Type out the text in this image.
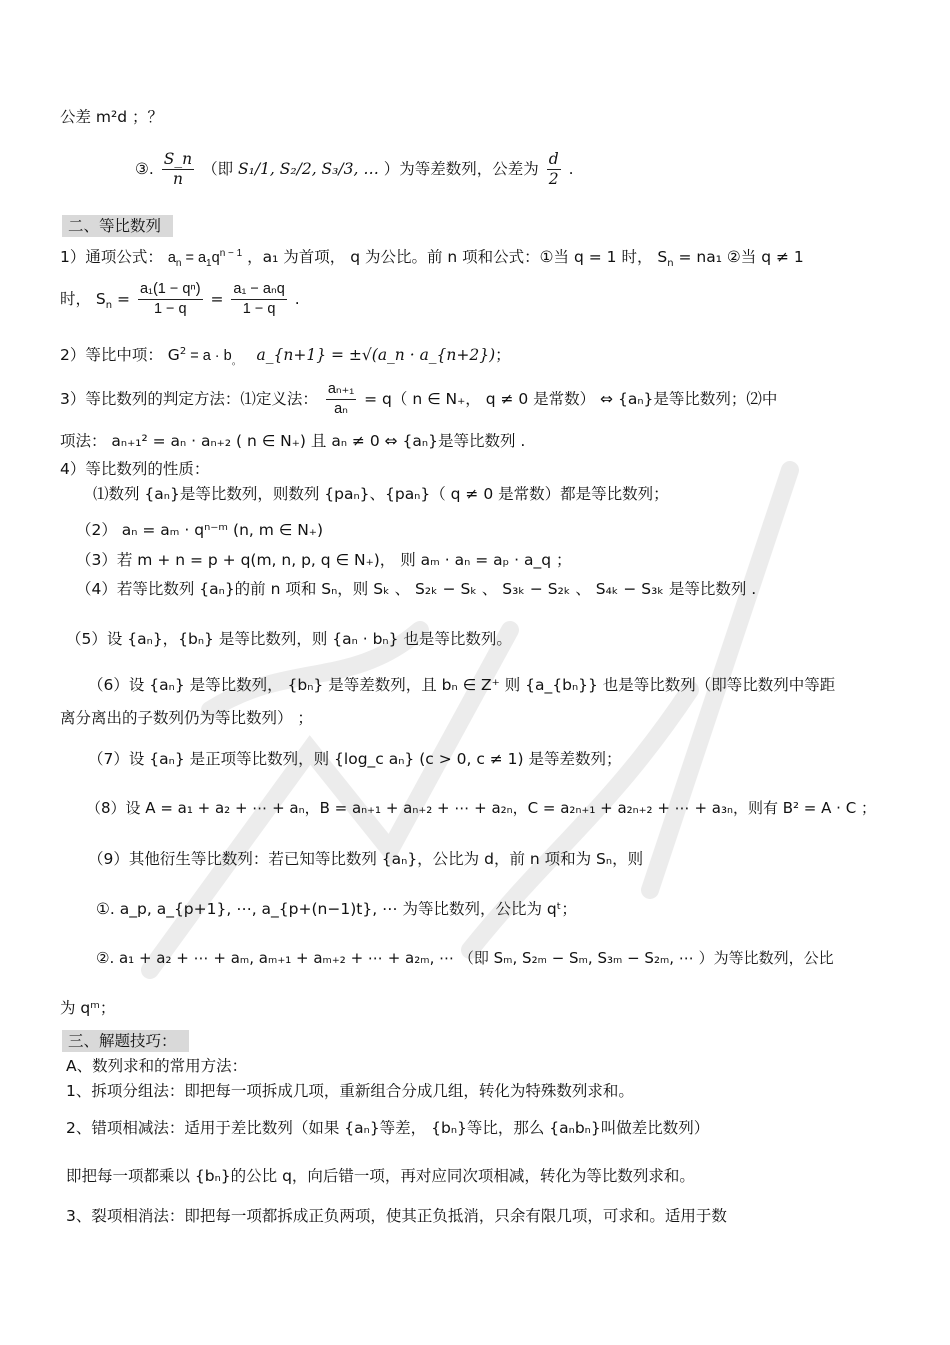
公差 m²d ；？
③. $\frac{S\_n}{n}$ （即 S₁/1, S₂/2, S₃/3, … ）为等差数列，公差为 $\frac{d}{2}$ .
二、等比数列
1）通项公式： $a_n = a_1q^{n - 1}$ ，a₁ 为首项， q 为公比。前 n 项和公式：①当 q = 1 时， $S_n = na_1$ ②当 q ≠ 1
时， $S_n = \frac{\text{a₁(1 − qⁿ)}}{1 - q} = \frac{\text{a₁ − aₙq}}{1 - q}$ .
2）等比中项： $G^2 = a \cdot b_。$ a_{n+1} = ±√(a_n · a_{n+2})；
3）等比数列的判定方法：⑴定义法： $\frac{\text{aₙ₊₁}}{\text{aₙ}} = q$（ n ∈ N₊， q ≠ 0 是常数） ⇔ {aₙ}是等比数列；⑵中
项法： aₙ₊₁² = aₙ · aₙ₊₂ ( n ∈ N₊) 且 aₙ ≠ 0 ⇔ {aₙ}是等比数列 .
4）等比数列的性质：
⑴数列 {aₙ}是等比数列，则数列 {paₙ}、{paₙ}（ q ≠ 0 是常数）都是等比数列；
（2） aₙ = aₘ · qⁿ⁻ᵐ (n, m ∈ N₊)
（3）若 m + n = p + q(m, n, p, q ∈ N₊)， 则 aₘ · aₙ = aₚ · a_q ；
（4）若等比数列 {aₙ}的前 n 项和 Sₙ，则 Sₖ 、 S₂ₖ − Sₖ 、 S₃ₖ − S₂ₖ 、 S₄ₖ − S₃ₖ 是等比数列 .
（5）设 {aₙ}，{bₙ} 是等比数列，则 {aₙ · bₙ} 也是等比数列。
（6）设 {aₙ} 是等比数列， {bₙ} 是等差数列，且 bₙ ∈ Z⁺ 则 {a_{bₙ}} 也是等比数列（即等比数列中等距
离分离出的子数列仍为等比数列） ；
（7）设 {aₙ} 是正项等比数列，则 {log_c aₙ} (c > 0, c ≠ 1) 是等差数列；
（8）设 A = a₁ + a₂ + ⋯ + aₙ，B = aₙ₊₁ + aₙ₊₂ + ⋯ + a₂ₙ，C = a₂ₙ₊₁ + a₂ₙ₊₂ + ⋯ + a₃ₙ，则有 B² = A · C ；
（9）其他衍生等比数列：若已知等比数列 {aₙ}，公比为 d，前 n 项和为 Sₙ，则
①. a_p, a_{p+1}, ⋯, a_{p+(n−1)t}, ⋯ 为等比数列，公比为 qᵗ；
②. a₁ + a₂ + ⋯ + aₘ, aₘ₊₁ + aₘ₊₂ + ⋯ + a₂ₘ, ⋯ （即 Sₘ, S₂ₘ − Sₘ, S₃ₘ − S₂ₘ, ⋯ ）为等比数列，公比
为 qᵐ；
三、解题技巧：
A、数列求和的常用方法：
1、拆项分组法：即把每一项拆成几项，重新组合分成几组，转化为特殊数列求和。
2、错项相减法：适用于差比数列（如果 {aₙ}等差， {bₙ}等比，那么 {aₙbₙ}叫做差比数列）
即把每一项都乘以 {bₙ}的公比 q，向后错一项，再对应同次项相减，转化为等比数列求和。
3、裂项相消法：即把每一项都拆成正负两项，使其正负抵消，只余有限几项，可求和。适用于数
